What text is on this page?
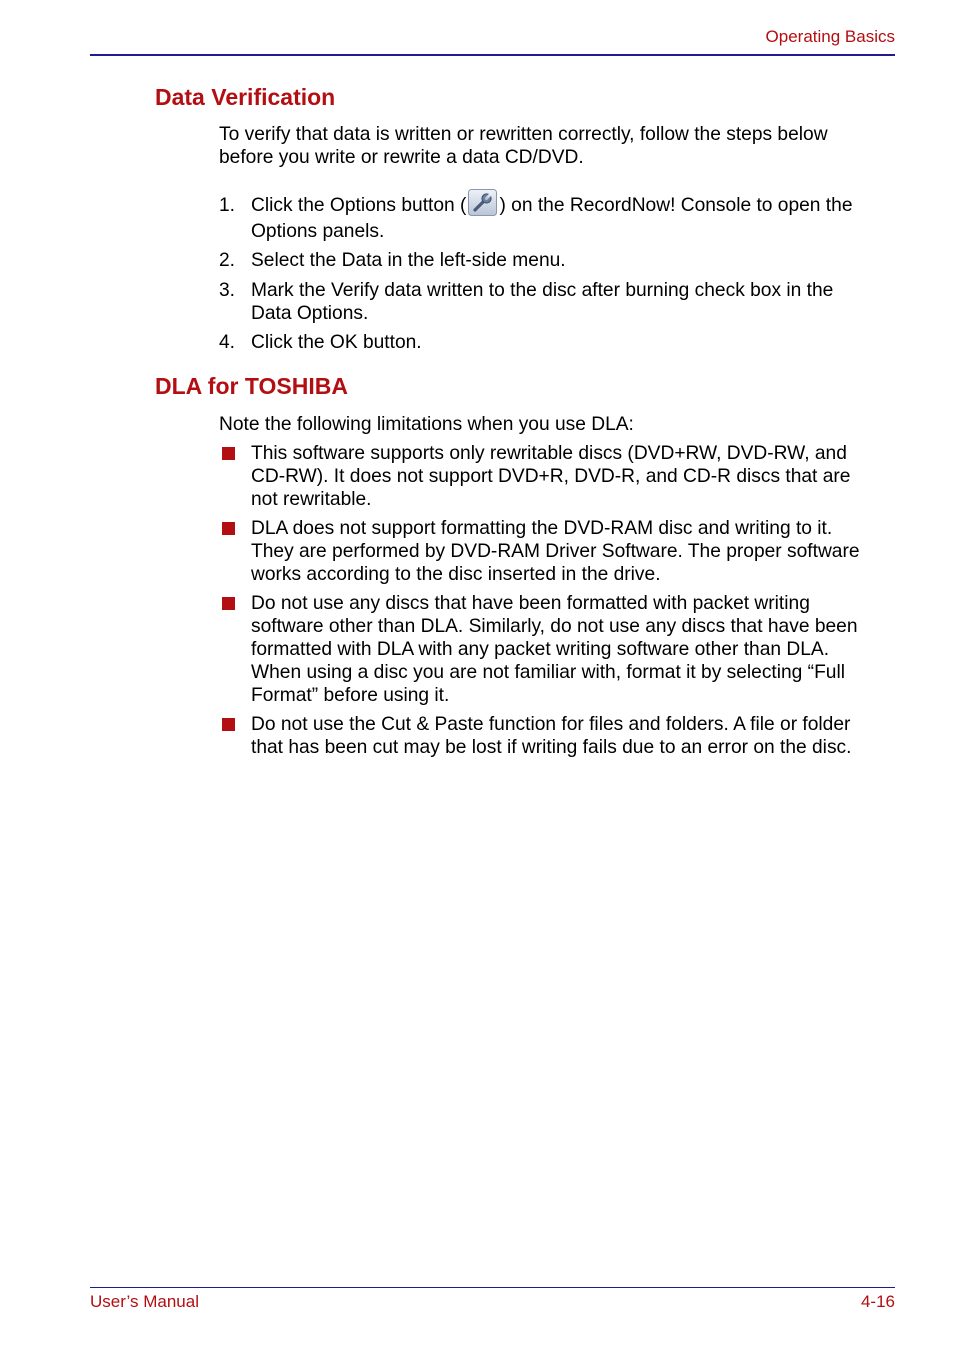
Operating Basics
Data Verification
To verify that data is written or rewritten correctly, follow the steps below
before you write or rewrite a data CD/DVD.
1. Click the Options button ( ) on the RecordNow! Console to open the
Options panels.
2. Select the Data in the left-side menu.
3. Mark the Verify data written to the disc after burning check box in the
Data Options.
4. Click the OK button.
DLA for TOSHIBA
Note the following limitations when you use DLA:
This software supports only rewritable discs (DVD+RW, DVD-RW, and
CD-RW). It does not support DVD+R, DVD-R, and CD-R discs that are
not rewritable.
DLA does not support formatting the DVD-RAM disc and writing to it.
They are performed by DVD-RAM Driver Software. The proper software
works according to the disc inserted in the drive.
Do not use any discs that have been formatted with packet writing
software other than DLA. Similarly, do not use any discs that have been
formatted with DLA with any packet writing software other than DLA.
When using a disc you are not familiar with, format it by selecting “Full
Format” before using it.
Do not use the Cut & Paste function for files and folders. A file or folder
that has been cut may be lost if writing fails due to an error on the disc.
User’s Manual	4-16
